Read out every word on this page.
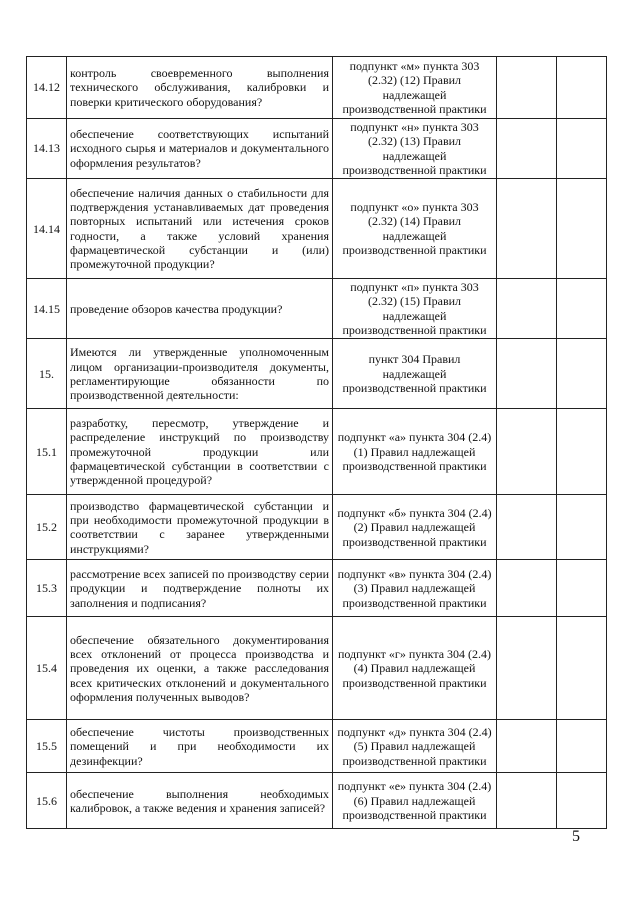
14.12	контроль своевременного выполнения технического обслуживания, калибровки и поверки критического оборудования?	подпункт «м» пункта 303 (2.32) (12) Правил надлежащей производственной практики		
14.13	обеспечение соответствующих испытаний исходного сырья и материалов и документального оформления результатов?	подпункт «н» пункта 303 (2.32) (13) Правил надлежащей производственной практики		
14.14	обеспечение наличия данных о стабильности для подтверждения устанавливаемых дат проведения повторных испытаний или истечения сроков годности, а также условий хранения фармацевтической субстанции и (или) промежуточной продукции?	подпункт «о» пункта 303 (2.32) (14) Правил надлежащей производственной практики		
14.15	проведение обзоров качества продукции?	подпункт «п» пункта 303 (2.32) (15) Правил надлежащей производственной практики		
15.	Имеются ли утвержденные уполномоченным лицом организации-производителя документы, регламентирующие обязанности по производственной деятельности:	пункт 304 Правил надлежащей производственной практики		
15.1	разработку, пересмотр, утверждение и распределение инструкций по производству промежуточной продукции или фармацевтической субстанции в соответствии с утвержденной процедурой?	подпункт «а» пункта 304 (2.4) (1) Правил надлежащей производственной практики		
15.2	производство фармацевтической субстанции и при необходимости промежуточной продукции в соответствии с заранее утвержденными инструкциями?	подпункт «б» пункта 304 (2.4) (2) Правил надлежащей производственной практики		
15.3	рассмотрение всех записей по производству серии продукции и подтверждение полноты их заполнения и подписания?	подпункт «в» пункта 304 (2.4) (3) Правил надлежащей производственной практики		
15.4	обеспечение обязательного документирования всех отклонений от процесса производства и проведения их оценки, а также расследования всех критических отклонений и документального оформления полученных выводов?	подпункт «г» пункта 304 (2.4) (4) Правил надлежащей производственной практики		
15.5	обеспечение чистоты производственных помещений и при необходимости их дезинфекции?	подпункт «д» пункта 304 (2.4) (5) Правил надлежащей производственной практики		
15.6	обеспечение выполнения необходимых калибровок, а также ведения и хранения записей?	подпункт «е» пункта 304 (2.4) (6) Правил надлежащей производственной практики		
5
